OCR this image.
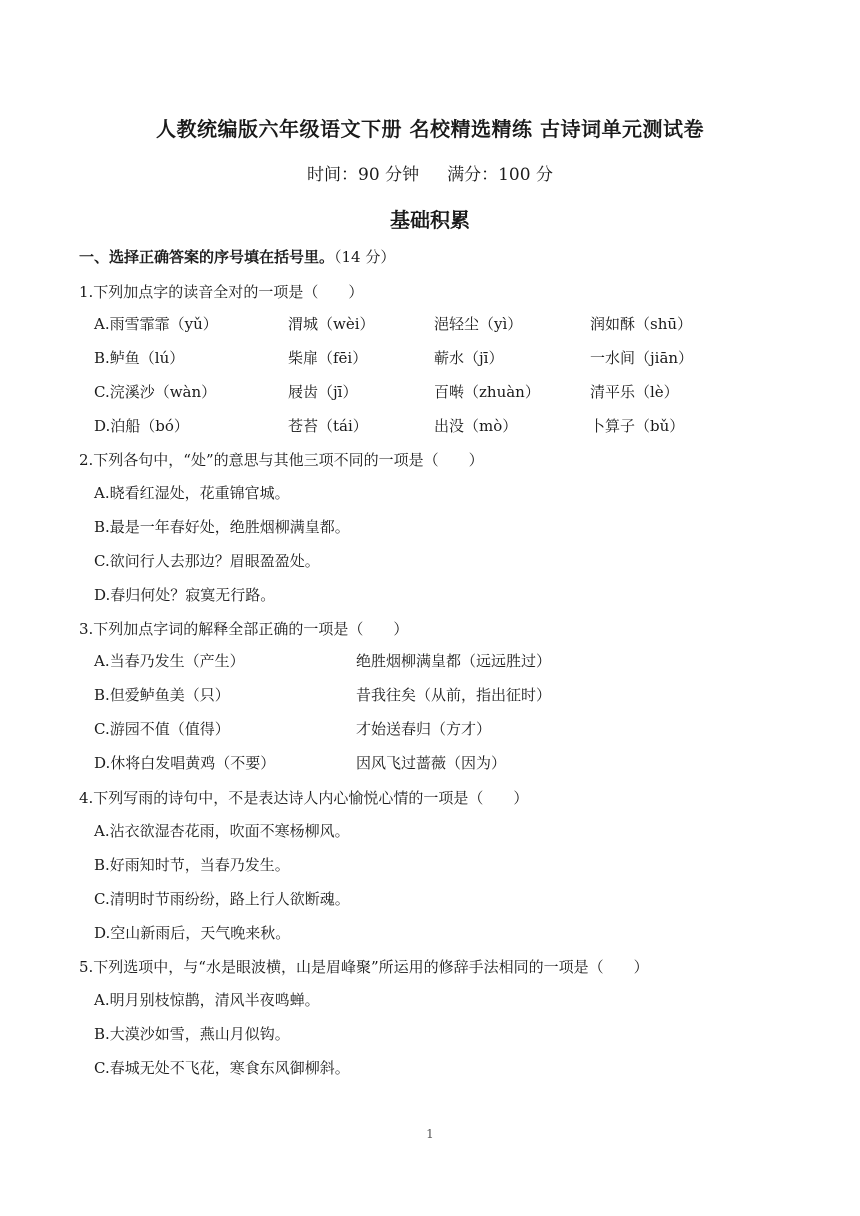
人教统编版六年级语文下册 名校精选精练 古诗词单元测试卷
时间：90 分钟 满分：100 分
基础积累
一、选择正确答案的序号填在括号里。（14 分）
1.下列加点字的读音全对的一项是（　　）
A.雨雪霏霏（yǔ）	渭城（wèi）	浥轻尘（yì）	润如酥（shū）
B.鲈鱼（lú）	柴扉（fēi）	蕲水（jī）	一水间（jiān）
C.浣溪沙（wàn）	屐齿（jī）	百啭（zhuàn）	清平乐（lè）
D.泊船（bó）	苍苔（tái）	出没（mò）	卜算子（bǔ）
2.下列各句中，“处”的意思与其他三项不同的一项是（　　）
A.晓看红湿处，花重锦官城。
B.最是一年春好处，绝胜烟柳满皇都。
C.欲问行人去那边？眉眼盈盈处。
D.春归何处？寂寞无行路。
3.下列加点字词的解释全部正确的一项是（　　）
A.当春乃发生（产生）	绝胜烟柳满皇都（远远胜过）
B.但爱鲈鱼美（只）	昔我往矣（从前，指出征时）
C.游园不值（值得）	才始送春归（方才）
D.休将白发唱黄鸡（不要）	因风飞过蔷薇（因为）
4.下列写雨的诗句中，不是表达诗人内心愉悦心情的一项是（　　）
A.沾衣欲湿杏花雨，吹面不寒杨柳风。
B.好雨知时节，当春乃发生。
C.清明时节雨纷纷，路上行人欲断魂。
D.空山新雨后，天气晚来秋。
5.下列选项中，与“水是眼波横，山是眉峰聚”所运用的修辞手法相同的一项是（　　）
A.明月别枝惊鹊，清风半夜鸣蝉。
B.大漠沙如雪，燕山月似钩。
C.春城无处不飞花，寒食东风御柳斜。
1
